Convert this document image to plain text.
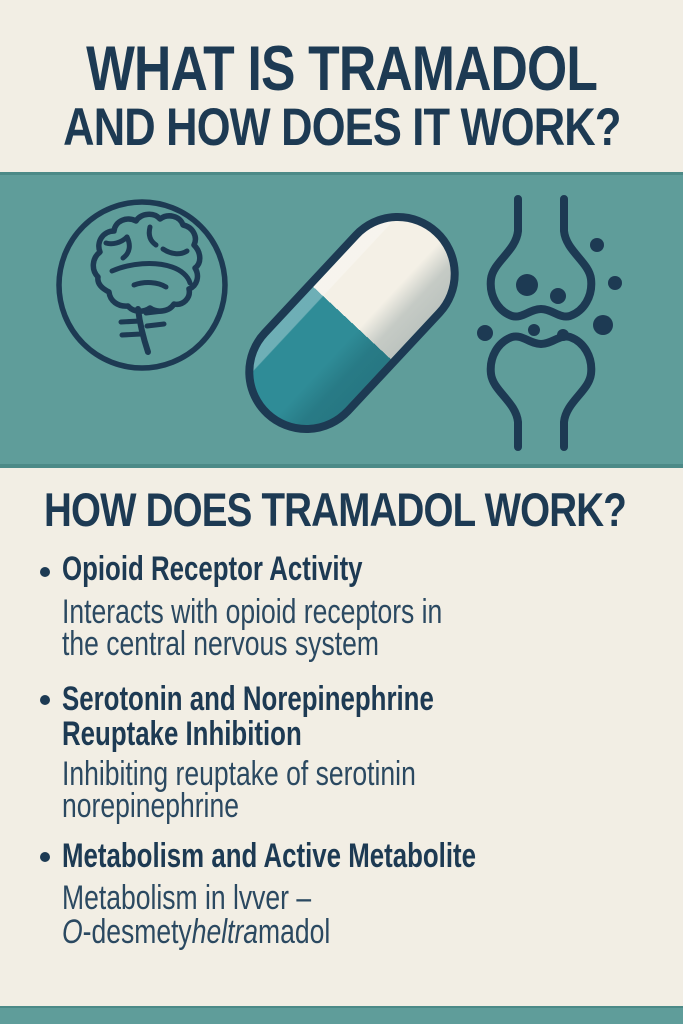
WHAT IS TRAMADOL
AND HOW DOES IT WORK?
HOW DOES TRAMADOL WORK?
Opioid Receptor Activity
Interacts with opioid receptors in
the central nervous system
Serotonin and Norepinephrine
Reuptake Inhibition
Inhibiting reuptake of serotinin
norepinephrine
Metabolism and Active Metabolite
Metabolism in lvver –
O-desmetyheltramadol
